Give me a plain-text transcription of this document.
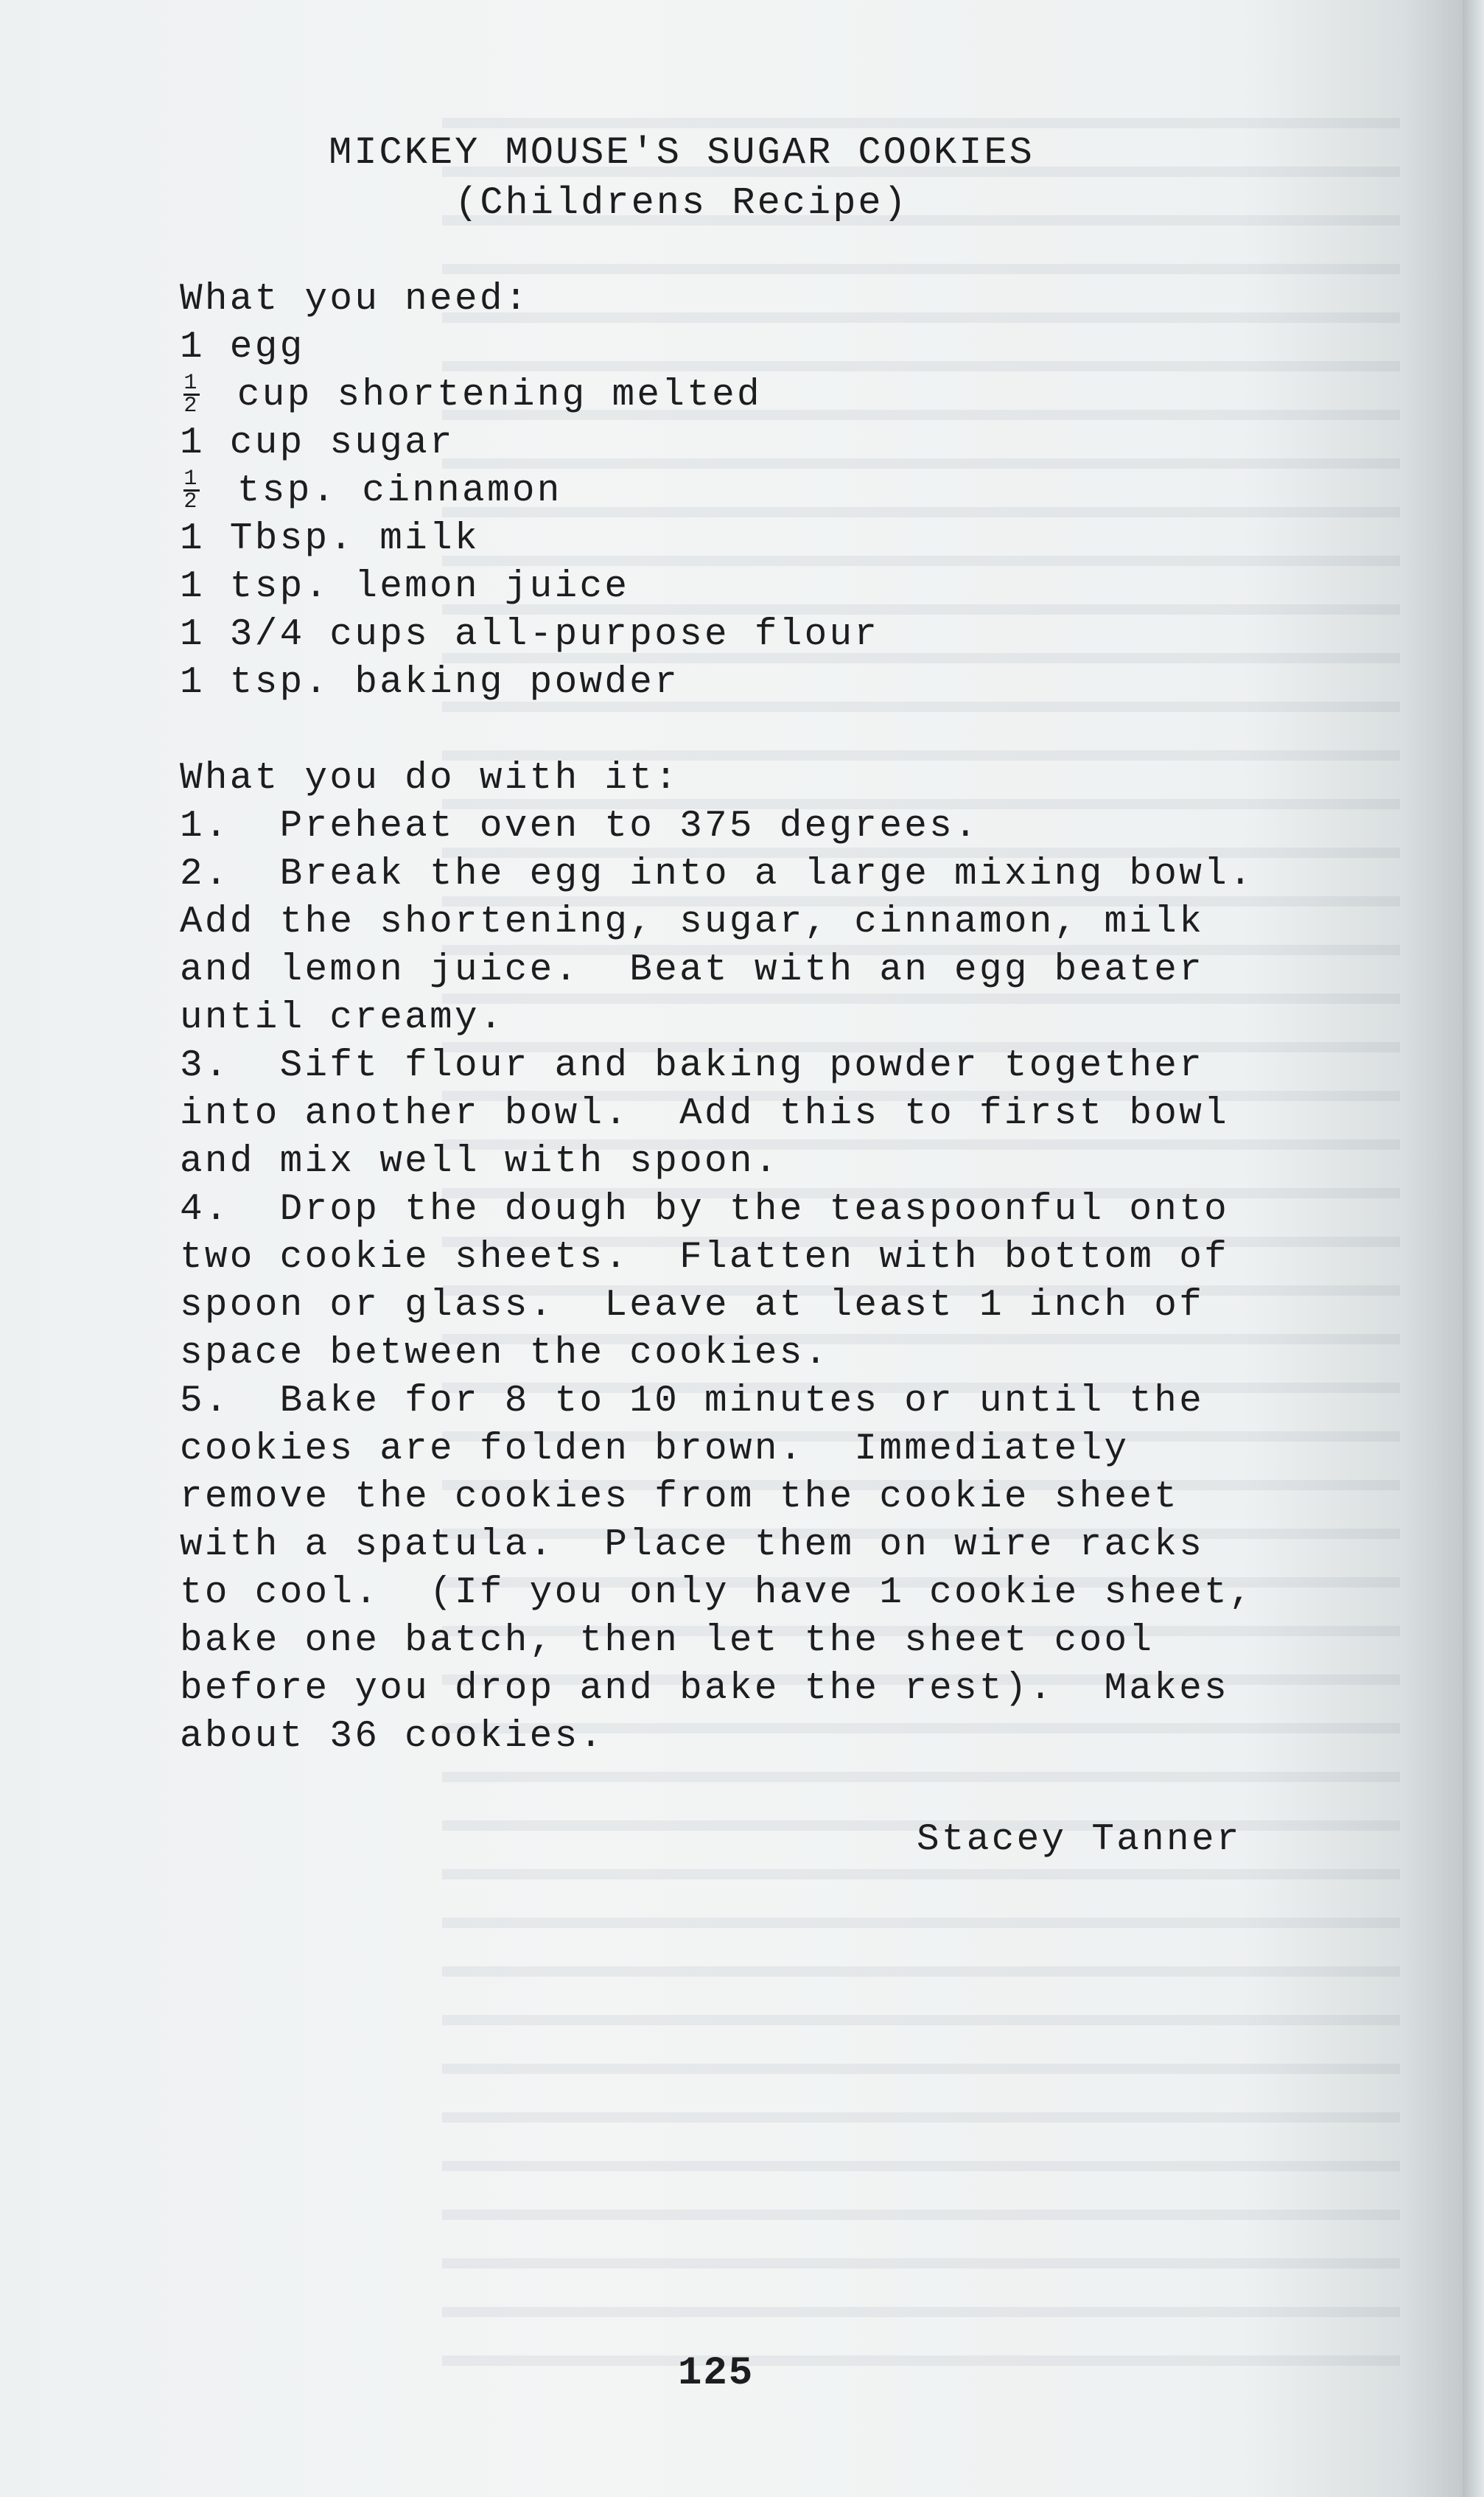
MICKEY MOUSE'S SUGAR COOKIES
(Childrens Recipe)
What you need:
1 egg
$\frac{1}{2}$ cup shortening melted
1 cup sugar
$\frac{1}{2}$ tsp. cinnamon
1 Tbsp. milk
1 tsp. lemon juice
1 3/4 cups all-purpose flour
1 tsp. baking powder
What you do with it:
1.  Preheat oven to 375 degrees.
2.  Break the egg into a large mixing bowl.
Add the shortening, sugar, cinnamon, milk
and lemon juice.  Beat with an egg beater
until creamy.
3.  Sift flour and baking powder together
into another bowl.  Add this to first bowl
and mix well with spoon.
4.  Drop the dough by the teaspoonful onto
two cookie sheets.  Flatten with bottom of
spoon or glass.  Leave at least 1 inch of
space between the cookies.
5.  Bake for 8 to 10 minutes or until the
cookies are folden brown.  Immediately
remove the cookies from the cookie sheet
with a spatula.  Place them on wire racks
to cool.  (If you only have 1 cookie sheet,
bake one batch, then let the sheet cool
before you drop and bake the rest).  Makes
about 36 cookies.
Stacey Tanner
125
